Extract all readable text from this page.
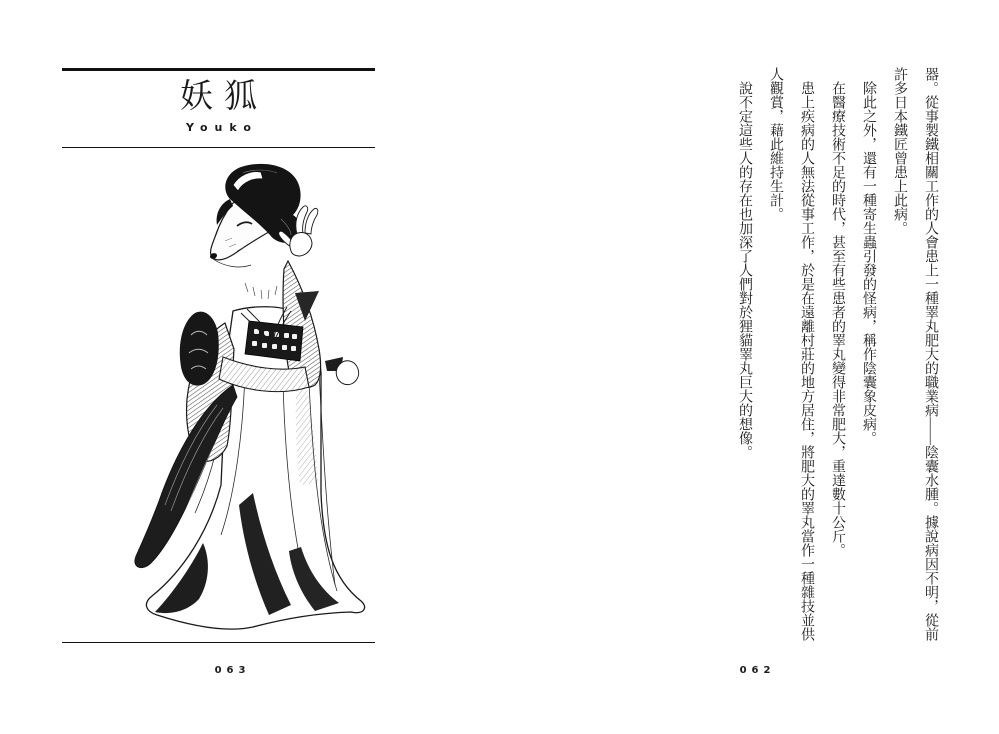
妖狐
Youko
063

器。從事製鐵相關工作的人會患上一種睪丸肥大的職業病——陰囊水腫。據說病因不明，從前許多日本鐵匠曾患上此病。

除此之外，還有一種寄生蟲引發的怪病，稱作陰囊象皮病。

在醫療技術不足的時代，甚至有些患者的睪丸變得非常肥大，重達數十公斤。

患上疾病的人無法從事工作，於是在遠離村莊的地方居住，將肥大的睪丸當作一種雜技並供人觀賞，藉此維持生計。

說不定這些人的存在也加深了人們對於狸貓睪丸巨大的想像。

062
